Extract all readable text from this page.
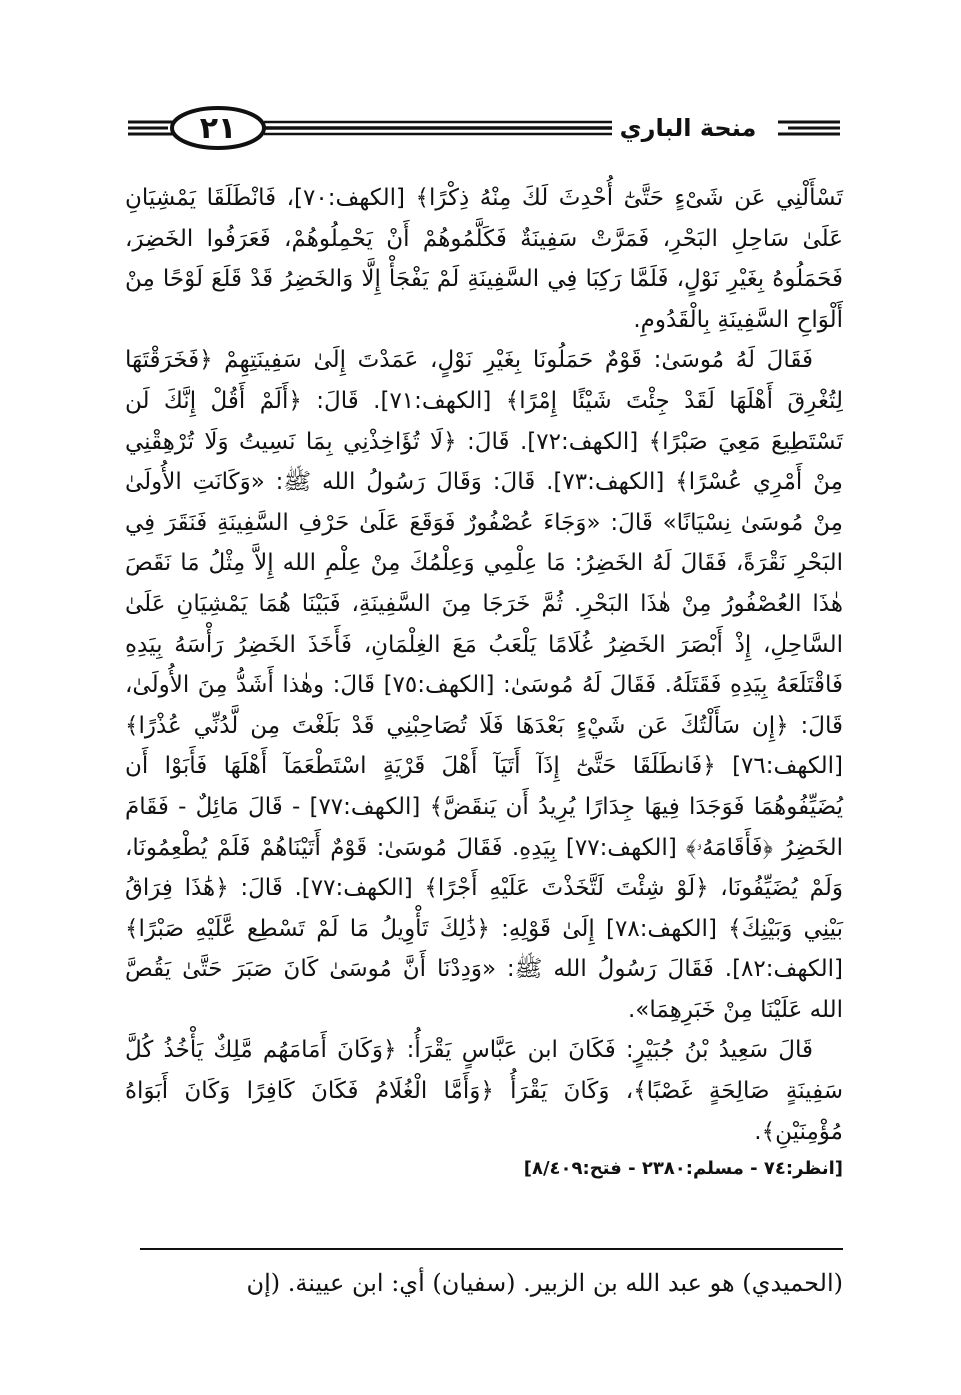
٢١	منحة الباري

تَسْأَلْنِي عَن شَىْءٍ حَتَّىٰٓ أُحْدِثَ لَكَ مِنْهُ ذِكْرًا﴾ [الكهف:٧٠]، فَانْطَلَقَا يَمْشِيَانِ عَلَىٰ سَاحِلِ البَحْرِ، فَمَرَّتْ سَفِينَةٌ فَكَلَّمُوهُمْ أَنْ يَحْمِلُوهُمْ، فَعَرَفُوا الخَضِرَ، فَحَمَلُوهُ بِغَيْرِ نَوْلٍ، فَلَمَّا رَكِبَا فِي السَّفِينَةِ لَمْ يَفْجَأْ إِلَّا وَالخَضِرُ قَدْ قَلَعَ لَوْحًا مِنْ أَلْوَاحِ السَّفِينَةِ بِالْقَدُومِ.

فَقَالَ لَهُ مُوسَىٰ: قَوْمٌ حَمَلُونَا بِغَيْرِ نَوْلٍ، عَمَدْتَ إِلَىٰ سَفِينَتِهِمْ ﴿فَخَرَقْتَهَا لِتُغْرِقَ أَهْلَهَا لَقَدْ جِئْتَ شَيْئًا إِمْرًا﴾ [الكهف:٧١]. قَالَ: ﴿أَلَمْ أَقُلْ إِنَّكَ لَن تَسْتَطِيعَ مَعِيَ صَبْرًا﴾ [الكهف:٧٢]. قَالَ: ﴿لَا تُؤَاخِذْنِي بِمَا نَسِيتُ وَلَا تُرْهِقْنِي مِنْ أَمْرِي عُسْرًا﴾ [الكهف:٧٣]. قَالَ: وَقَالَ رَسُولُ الله ﷺ: «وَكَانَتِ الأُولَىٰ مِنْ مُوسَىٰ نِسْيَانًا» قَالَ: «وَجَاءَ عُصْفُورٌ فَوَقَعَ عَلَىٰ حَرْفِ السَّفِينَةِ فَنَقَرَ فِي البَحْرِ نَقْرَةً، فَقَالَ لَهُ الخَضِرُ: مَا عِلْمِي وَعِلْمُكَ مِنْ عِلْمِ الله إِلاَّ مِثْلُ مَا نَقَصَ هٰذَا العُصْفُورُ مِنْ هٰذَا البَحْرِ. ثُمَّ خَرَجَا مِنَ السَّفِينَةِ، فَبَيْنَا هُمَا يَمْشِيَانِ عَلَىٰ السَّاحِلِ، إِذْ أَبْصَرَ الخَضِرُ غُلَامًا يَلْعَبُ مَعَ الغِلْمَانِ، فَأَخَذَ الخَضِرُ رَأْسَهُ بِيَدِهِ فَاقْتَلَعَهُ بِيَدِهِ فَقَتَلَهُ. فَقَالَ لَهُ مُوسَىٰ: [الكهف:٧٥] قَالَ: وهٰذا أَشَدُّ مِنَ الأُولَىٰ، قَالَ: ﴿إِن سَأَلْتُكَ عَن شَيْءٍ بَعْدَهَا فَلَا تُصَاحِبْنِي قَدْ بَلَغْتَ مِن لَّدُنِّي عُذْرًا﴾ [الكهف:٧٦] ﴿فَانطَلَقَا حَتَّىٰٓ إِذَآ أَتَيَآ أَهْلَ قَرْيَةٍ اسْتَطْعَمَآ أَهْلَهَا فَأَبَوْا أَن يُضَيِّفُوهُمَا فَوَجَدَا فِيهَا جِدَارًا يُرِيدُ أَن يَنقَضَّ﴾ [الكهف:٧٧] - قَالَ مَائِلٌ - فَقَامَ الخَضِرُ ﴿فَأَقَامَهُۥ﴾ [الكهف:٧٧] بِيَدِهِ. فَقَالَ مُوسَىٰ: قَوْمٌ أَتَيْنَاهُمْ فَلَمْ يُطْعِمُونَا، وَلَمْ يُضَيِّفُونَا، ﴿لَوْ شِئْتَ لَتَّخَذْتَ عَلَيْهِ أَجْرًا﴾ [الكهف:٧٧]. قَالَ: ﴿هَٰذَا فِرَاقُ بَيْنِي وَبَيْنِكَ﴾ [الكهف:٧٨] إِلَىٰ قَوْلِهِ: ﴿ذَٰلِكَ تَأْوِيلُ مَا لَمْ تَسْطِع عَّلَيْهِ صَبْرًا﴾ [الكهف:٨٢]. فَقَالَ رَسُولُ الله ﷺ: «وَدِدْنَا أَنَّ مُوسَىٰ كَانَ صَبَرَ حَتَّىٰ يَقُصَّ الله عَلَيْنَا مِنْ خَبَرِهِمَا».

قَالَ سَعِيدُ بْنُ جُبَيْرٍ: فَكَانَ ابن عَبَّاسٍ يَقْرَأُ: ﴿وَكَانَ أَمَامَهُم مَّلِكٌ يَأْخُذُ كُلَّ سَفِينَةٍ صَالِحَةٍ غَصْبًا﴾، وَكَانَ يَقْرَأُ ﴿وَأَمَّا الْغُلَامُ فَكَانَ كَافِرًا وَكَانَ أَبَوَاهُ مُؤْمِنَيْنِ﴾.

[انظر:٧٤ - مسلم:٢٣٨٠ - فتح:٨/٤٠٩]

(الحميدي) هو عبد الله بن الزبير. (سفيان) أي: ابن عيينة. (إن
